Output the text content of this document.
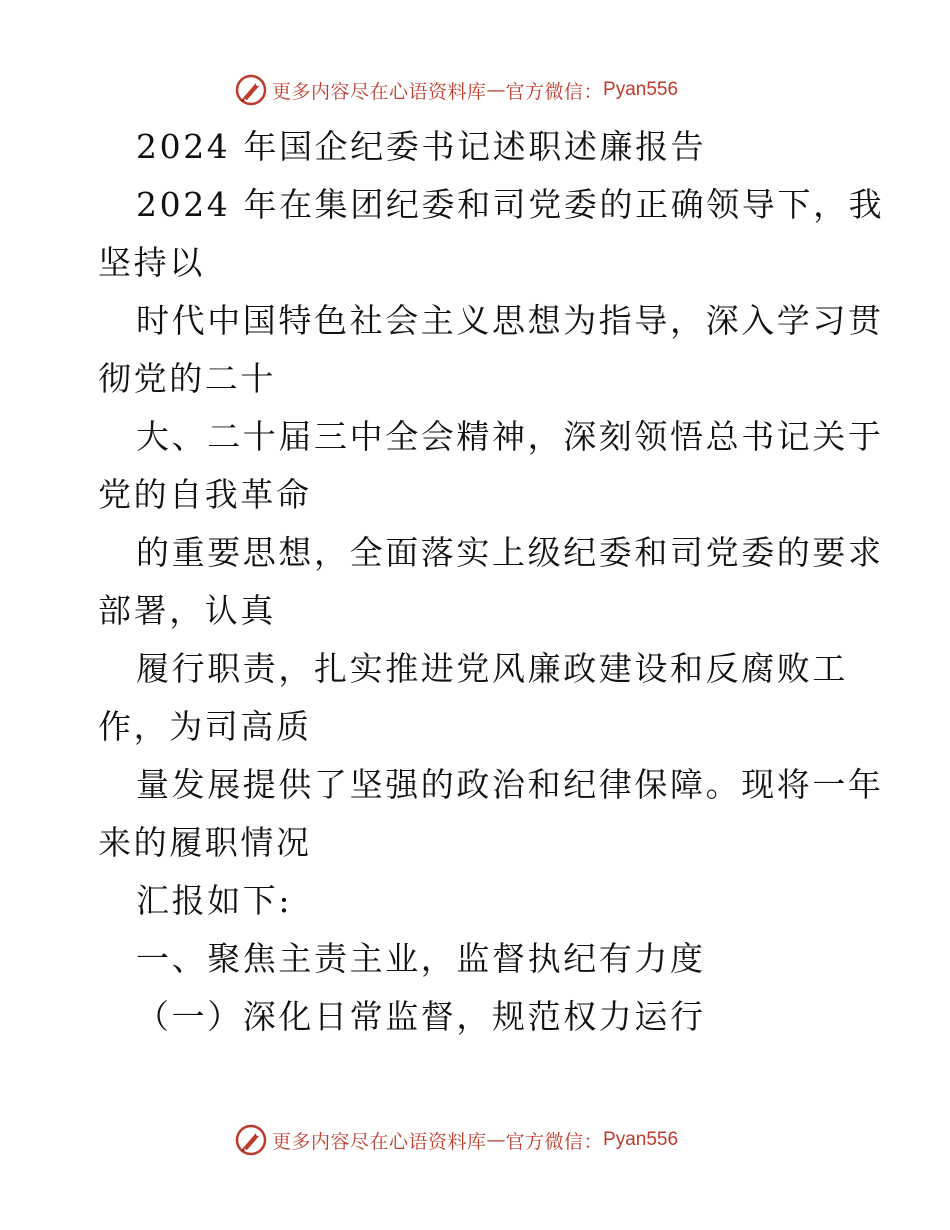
更多内容尽在心语资料库 — 官方微信： Pyan556
2024 年国企纪委书记述职述廉报告
2024 年在集团纪委和司党委的正确领导下，我
坚持以
时代中国特色社会主义思想为指导，深入学习贯
彻党的二十
大、二十届三中全会精神，深刻领悟总书记关于
党的自我革命
的重要思想，全面落实上级纪委和司党委的要求
部署，认真
履行职责，扎实推进党风廉政建设和反腐败工
作，为司高质
量发展提供了坚强的政治和纪律保障。现将一年
来的履职情况
汇报如下:
一、聚焦主责主业，监督执纪有力度
（一）深化日常监督，规范权力运行
更多内容尽在心语资料库 — 官方微信： Pyan556
